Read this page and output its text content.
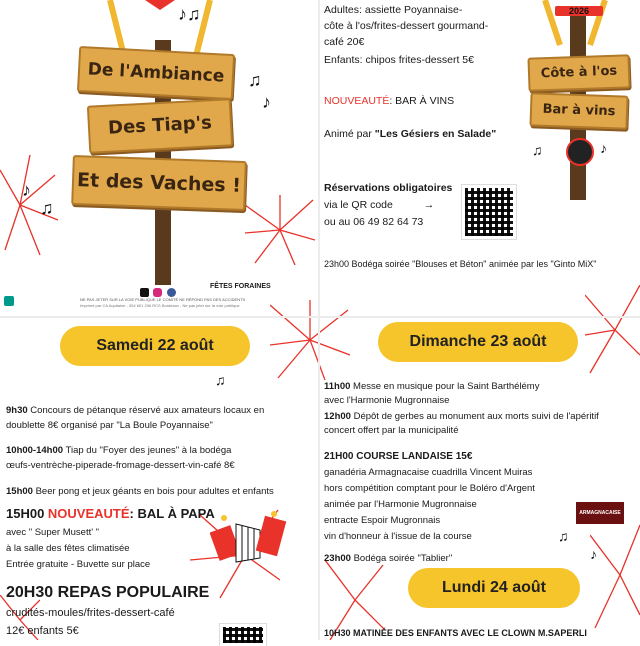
De l'Ambiance
Des Tiap's
Et des Vaches !
♪♫
♫
♪
♪
♫

FÊTES FORAINES
NE PAS JETER SUR LA VOIE PUBLIQUE LE COMITÉ NE RÉPOND PAS DES ACCIDENTS
Imprimé par CA Aquitaine - 304 601 206 RCS Bordeaux - Ne pas jeter sur la voie publique
Adultes: assiette Poyannaise-
côte à l'os/frites-dessert gourmand-
café 20€
Enfants: chipos frites-dessert 5€
NOUVEAUTÉ: BAR À VINS
Animé par "Les Gésiers en Salade"
Réservations obligatoires
via le QR code	→
ou au 06 49 82 64 73
23h00 Bodéga soirée "Blouses et Béton" animée par les "Ginto MiX"
2026
Côte à l'os
Bar à vins
♫	♪
Samedi 22 août
♫
9h30 Concours de pétanque réservé aux amateurs locaux en
doublette 8€ organisé par "La Boule Poyannaise"
10h00-14h00 Tiap du "Foyer des jeunes" à la bodéga
œufs-ventrèche-piperade-fromage-dessert-vin-café 8€
15h00 Beer pong et jeux géants en bois pour adultes et enfants
15H00 NOUVEAUTÉ: BAL À PAPA
avec " Super Musett' "
à la salle des fêtes climatisée
Entrée gratuite - Buvette sur place
20H30 REPAS POPULAIRE
crudités-moules/frites-dessert-café
12€ enfants 5€
Dimanche 23 août
11h00 Messe en musique pour la Saint Barthélémy
avec l'Harmonie Mugronnaise
12h00 Dépôt de gerbes au monument aux morts suivi de l'apéritif
concert offert par la municipalité
21H00 COURSE LANDAISE 15€
ganadéria Armagnacaise cuadrilla Vincent Muiras
hors compétition comptant pour le Boléro d'Argent
animée par l'Harmonie Mugronnaise
entracte Espoir Mugronnais
vin d'honneur à l'issue de la course
23h00 Bodéga soirée "Tablier"
ARMAGNACAISE
♫
♪
Lundi 24 août
10H30 MATINÉE DES ENFANTS AVEC LE CLOWN M.SAPERLI
